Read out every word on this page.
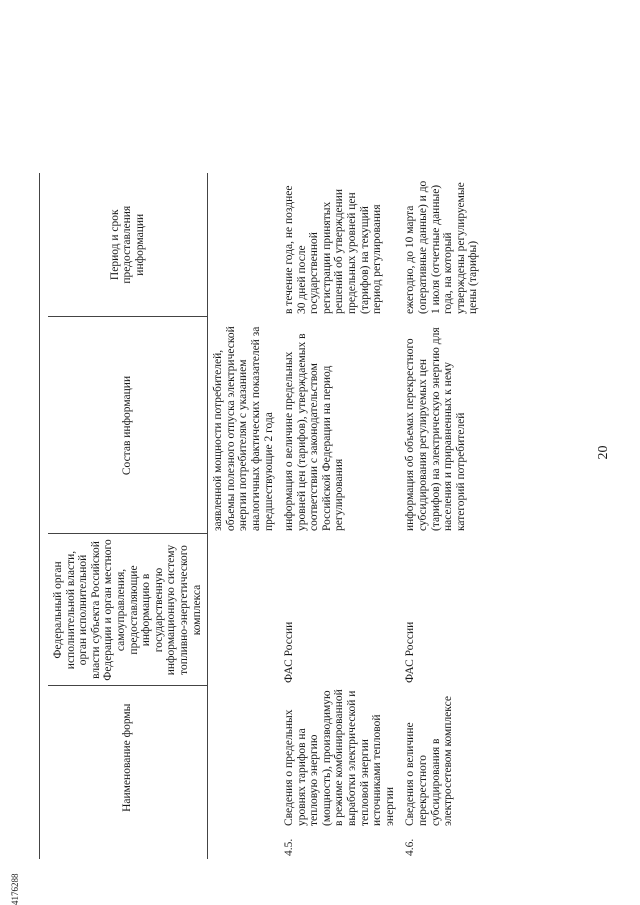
4176288

	Наименование формы	Федеральный орган исполнительной власти, орган исполнительной власти субъекта Российской Федерации и орган местного самоуправления, предоставляющие информацию в государственную информационную систему топливно-энергетического комплекса	Состав информации	Период и срок предоставления информации
			заявленной мощности потребителей, объемы полезного отпуска электрической энергии потребителям с указанием аналогичных фактических показателей за предшествующие 2 года	
4.5.	Сведения о предельных уровнях тарифов на тепловую энергию (мощность), производимую в режиме комбинированной выработки электрической и тепловой энергии источниками тепловой энергии	ФАС России	информация о величине предельных уровней цен (тарифов), утверждаемых в соответствии с законодательством Российской Федерации на период регулирования	в течение года, не позднее 30 дней после государственной регистрации принятых решений об утверждении предельных уровней цен (тарифов) на текущий период регулирования
4.6.	Сведения о величине перекрестного субсидирования в электросетевом комплексе	ФАС России	информация об объемах перекрестного субсидирования регулируемых цен (тарифов) на электрическую энергию для населения и приравненных к нему категорий потребителей	ежегодно, до 10 марта (оперативные данные) и до 1 июля (отчетные данные) года, на который утверждены регулируемые цены (тарифы)
20
